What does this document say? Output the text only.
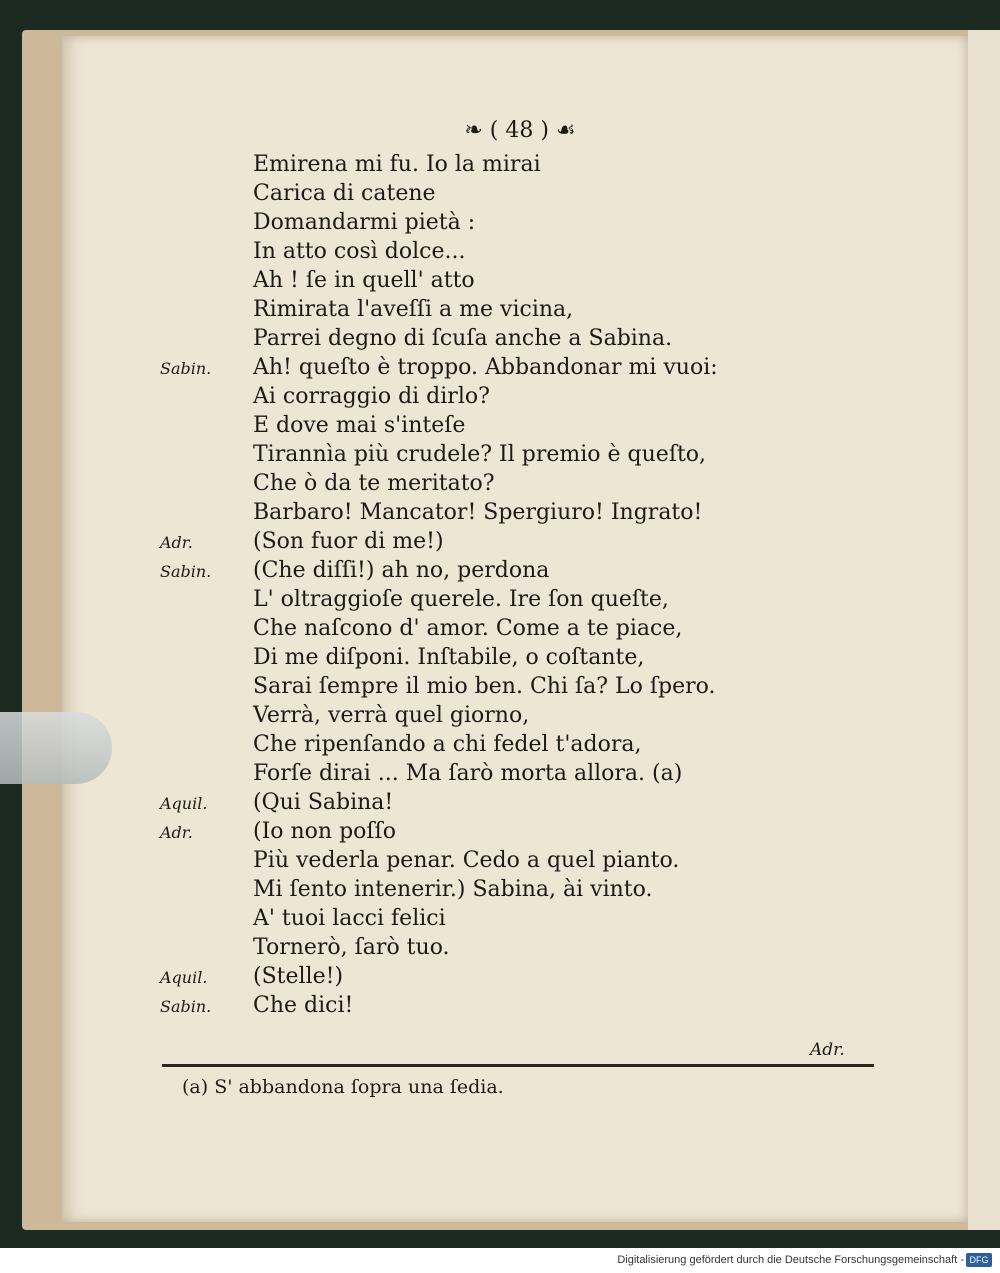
❧ ( 48 ) ☙
Emirena mi fu. Io la mirai
Carica di catene
Domandarmi pietà :
In atto così dolce...
Ah ! ſe in quell' atto
Rimirata l'aveſſi a me vicina,
Parrei degno di ſcuſa anche a Sabina.
Sabin.	Ah! queſto è troppo. Abbandonar mi vuoi:
Ai corraggio di dirlo?
E dove mai s'inteſe
Tirannìa più crudele? Il premio è queſto,
Che ò da te meritato?
Barbaro! Mancator! Spergiuro! Ingrato!
Adr.	(Son fuor di me!)
Sabin.	(Che diſſi!) ah no, perdona
L' oltraggioſe querele. Ire ſon queſte,
Che naſcono d' amor. Come a te piace,
Di me diſponi. Inſtabile, o coſtante,
Sarai ſempre il mio ben. Chi ſa? Lo ſpero.
Verrà, verrà quel giorno,
Che ripenſando a chi fedel t'adora,
Forſe dirai ... Ma ſarò morta allora. (a)
Aquil.	(Qui Sabina!
Adr.	(Io non poſſo
Più vederla penar. Cedo a quel pianto.
Mi ſento intenerir.) Sabina, ài vinto.
A' tuoi lacci felici
Tornerò, ſarò tuo.
Aquil.	(Stelle!)
Sabin.	Che dici!
Adr.
(a) S' abbandona ſopra una ſedia.
Digitalisierung gefördert durch die Deutsche Forschungsgemeinschaft - DFG
